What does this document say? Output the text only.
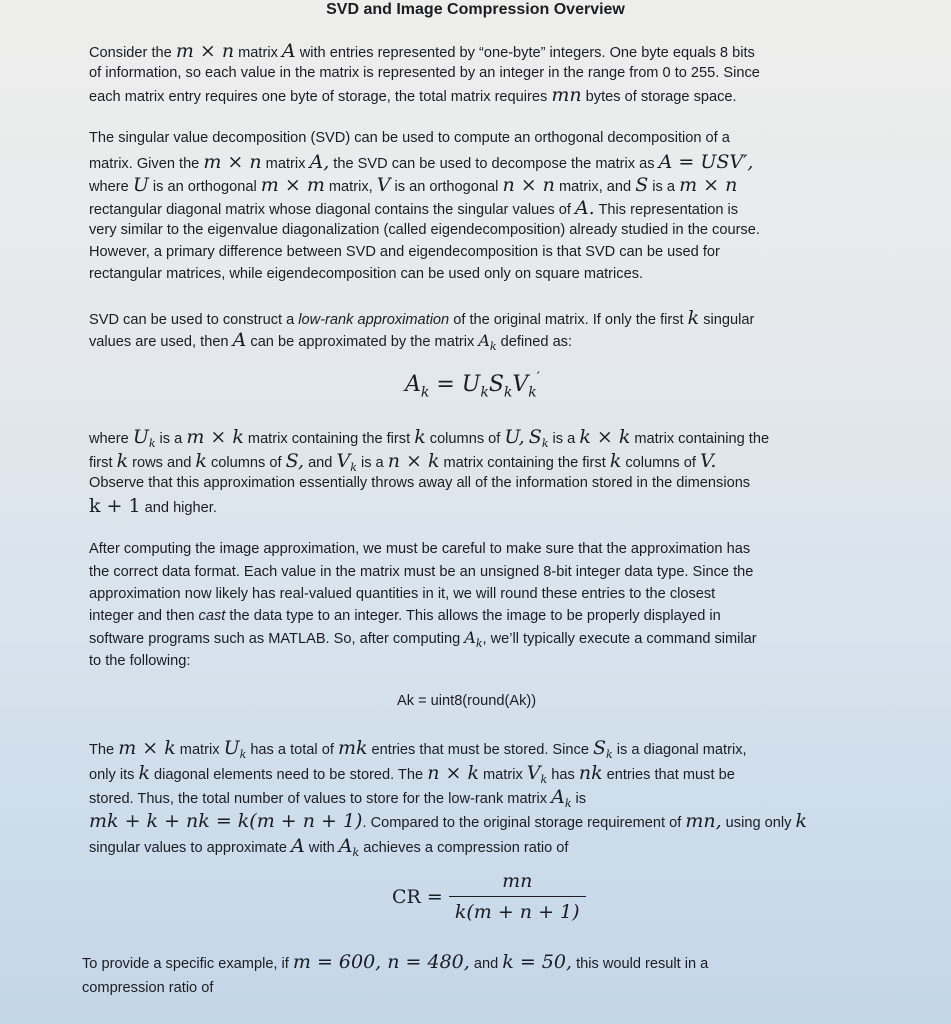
SVD and Image Compression Overview
Consider the m × n matrix A with entries represented by “one-byte” integers. One byte equals 8 bits
of information, so each value in the matrix is represented by an integer in the range from 0 to 255. Since
each matrix entry requires one byte of storage, the total matrix requires mn bytes of storage space.
The singular value decomposition (SVD) can be used to compute an orthogonal decomposition of a
matrix. Given the m × n matrix A, the SVD can be used to decompose the matrix as A = USV′,
where U is an orthogonal m × m matrix, V is an orthogonal n × n matrix, and S is a m × n
rectangular diagonal matrix whose diagonal contains the singular values of A. This representation is
very similar to the eigenvalue diagonalization (called eigendecomposition) already studied in the course.
However, a primary difference between SVD and eigendecomposition is that SVD can be used for
rectangular matrices, while eigendecomposition can be used only on square matrices.
SVD can be used to construct a low-rank approximation of the original matrix. If only the first k singular
values are used, then A can be approximated by the matrix $A_k$ defined as:
$A_k = U_kS_kV_k'$
where $U_k$ is a m × k matrix containing the first k columns of U, $S_k$ is a k × k matrix containing the
first k rows and k columns of S, and $V_k$ is a n × k matrix containing the first k columns of V.
Observe that this approximation essentially throws away all of the information stored in the dimensions
k + 1 and higher.
After computing the image approximation, we must be careful to make sure that the approximation has
the correct data format. Each value in the matrix must be an unsigned 8-bit integer data type. Since the
approximation now likely has real-valued quantities in it, we will round these entries to the closest
integer and then cast the data type to an integer. This allows the image to be properly displayed in
software programs such as MATLAB. So, after computing $A_k$, we’ll typically execute a command similar
to the following:
Ak = uint8(round(Ak))
The m × k matrix $U_k$ has a total of mk entries that must be stored. Since $S_k$ is a diagonal matrix,
only its k diagonal elements need to be stored. The n × k matrix $V_k$ has nk entries that must be
stored. Thus, the total number of values to store for the low-rank matrix $A_k$ is
mk + k + nk = k(m + n + 1). Compared to the original storage requirement of mn, using only k
singular values to approximate A with $A_k$ achieves a compression ratio of
CR = $\frac{mn}{k(m + n + 1)}$
To provide a specific example, if m = 600, n = 480, and k = 50, this would result in a
compression ratio of
